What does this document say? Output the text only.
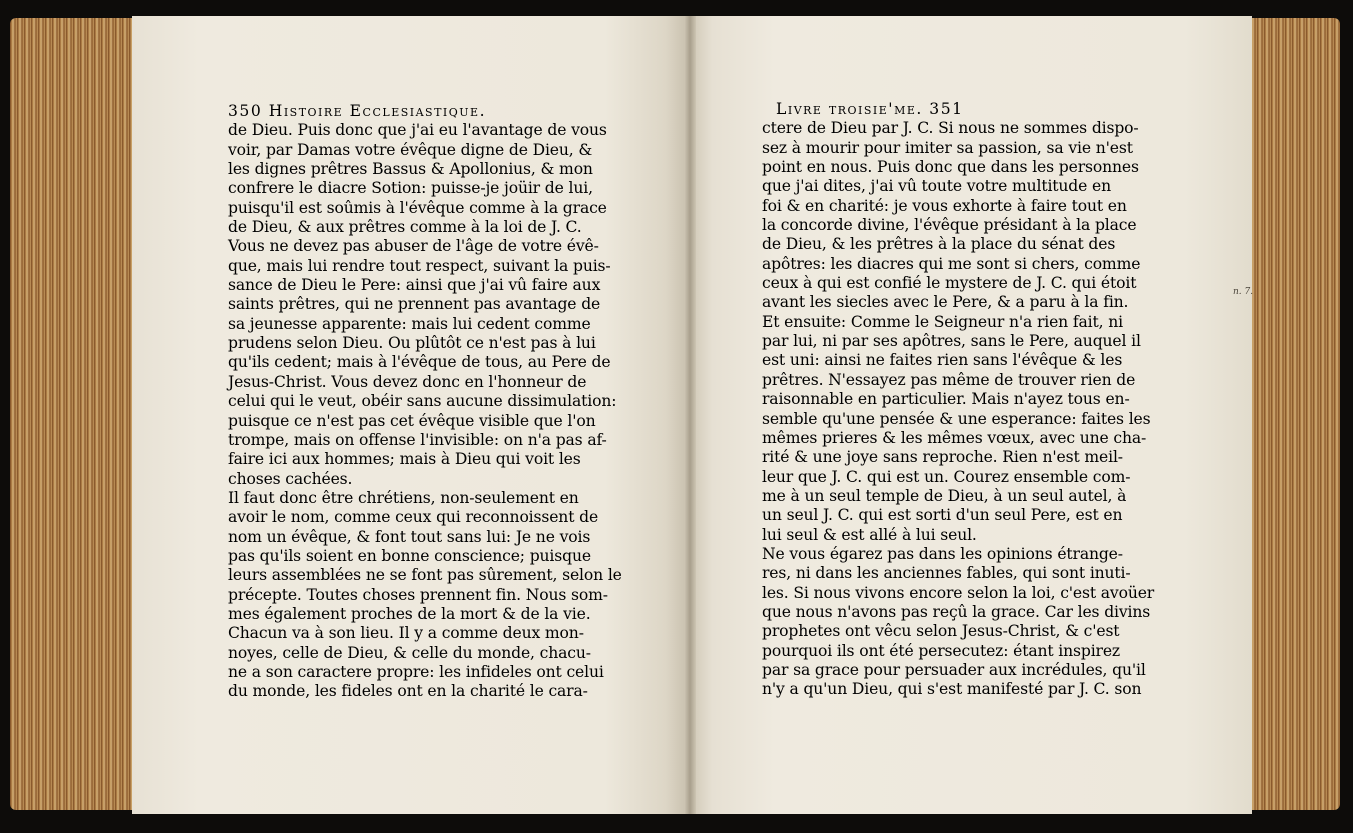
350 Histoire Ecclesiastique.
de Dieu. Puis donc que j'ai eu l'avantage de vous
voir, par Damas votre évêque digne de Dieu, &
les dignes prêtres Bassus & Apollonius, & mon
confrere le diacre Sotion: puisse-je joüir de lui,
puisqu'il est soûmis à l'évêque comme à la grace
de Dieu, & aux prêtres comme à la loi de J. C.
Vous ne devez pas abuser de l'âge de votre évê-
que, mais lui rendre tout respect, suivant la puis-
sance de Dieu le Pere: ainsi que j'ai vû faire aux
saints prêtres, qui ne prennent pas avantage de
sa jeunesse apparente: mais lui cedent comme
prudens selon Dieu. Ou plûtôt ce n'est pas à lui
qu'ils cedent; mais à l'évêque de tous, au Pere de
Jesus-Christ. Vous devez donc en l'honneur de
celui qui le veut, obéir sans aucune dissimulation:
puisque ce n'est pas cet évêque visible que l'on
trompe, mais on offense l'invisible: on n'a pas af-
faire ici aux hommes; mais à Dieu qui voit les
choses cachées.
Il faut donc être chrétiens, non-seulement en
avoir le nom, comme ceux qui reconnoissent de
nom un évêque, & font tout sans lui: Je ne vois
pas qu'ils soient en bonne conscience; puisque
leurs assemblées ne se font pas sûrement, selon le
précepte. Toutes choses prennent fin. Nous som-
mes également proches de la mort & de la vie.
Chacun va à son lieu. Il y a comme deux mon-
noyes, celle de Dieu, & celle du monde, chacu-
ne a son caractere propre: les infideles ont celui
du monde, les fideles ont en la charité le cara-
Livre troisie'me. 351
ctere de Dieu par J. C. Si nous ne sommes dispo-
sez à mourir pour imiter sa passion, sa vie n'est
point en nous. Puis donc que dans les personnes
que j'ai dites, j'ai vû toute votre multitude en
foi & en charité: je vous exhorte à faire tout en
la concorde divine, l'évêque présidant à la place
de Dieu, & les prêtres à la place du sénat des
apôtres: les diacres qui me sont si chers, comme
ceux à qui est confié le mystere de J. C. qui étoit
avant les siecles avec le Pere, & a paru à la fin.
Et ensuite: Comme le Seigneur n'a rien fait, ni
par lui, ni par ses apôtres, sans le Pere, auquel il
est uni: ainsi ne faites rien sans l'évêque & les
prêtres. N'essayez pas même de trouver rien de
raisonnable en particulier. Mais n'ayez tous en-
semble qu'une pensée & une esperance: faites les
mêmes prieres & les mêmes vœux, avec une cha-
rité & une joye sans reproche. Rien n'est meil-
leur que J. C. qui est un. Courez ensemble com-
me à un seul temple de Dieu, à un seul autel, à
un seul J. C. qui est sorti d'un seul Pere, est en
lui seul & est allé à lui seul.
Ne vous égarez pas dans les opinions étrange-
res, ni dans les anciennes fables, qui sont inuti-
les. Si nous vivons encore selon la loi, c'est avoüer
que nous n'avons pas reçû la grace. Car les divins
prophetes ont vêcu selon Jesus-Christ, & c'est
pourquoi ils ont été persecutez: étant inspirez
par sa grace pour persuader aux incrédules, qu'il
n'y a qu'un Dieu, qui s'est manifesté par J. C. son
n. 7.
